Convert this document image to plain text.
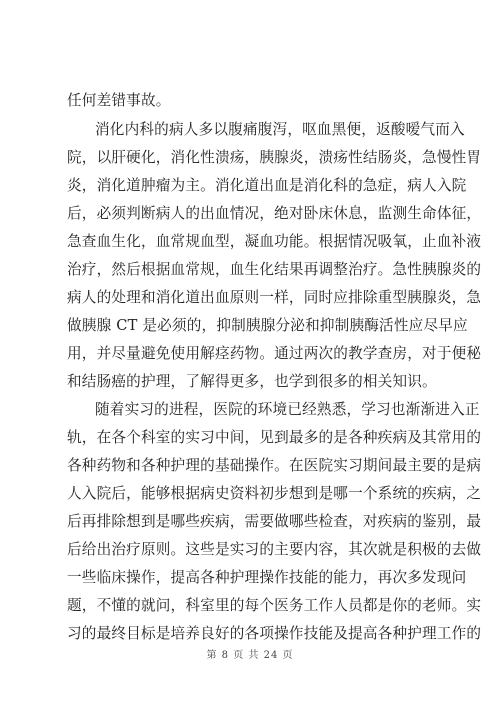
任何差错事故。
消化内科的病人多以腹痛腹泻，呕血黑便，返酸嗳气而入
院，以肝硬化，消化性溃疡，胰腺炎，溃疡性结肠炎，急慢性胃
炎，消化道肿瘤为主。消化道出血是消化科的急症，病人入院
后，必须判断病人的出血情况，绝对卧床休息，监测生命体征，
急查血生化，血常规血型，凝血功能。根据情况吸氧，止血补液
治疗，然后根据血常规，血生化结果再调整治疗。急性胰腺炎的
病人的处理和消化道出血原则一样，同时应排除重型胰腺炎，急
做胰腺 CT 是必须的，抑制胰腺分泌和抑制胰酶活性应尽早应
用，并尽量避免使用解痉药物。通过两次的教学查房，对于便秘
和结肠癌的护理，了解得更多，也学到很多的相关知识。
随着实习的进程，医院的环境已经熟悉，学习也渐渐进入正
轨，在各个科室的实习中间，见到最多的是各种疾病及其常用的
各种药物和各种护理的基础操作。在医院实习期间最主要的是病
人入院后，能够根据病史资料初步想到是哪一个系统的疾病，之
后再排除想到是哪些疾病，需要做哪些检查，对疾病的鉴别，最
后给出治疗原则。这些是实习的主要内容，其次就是积极的去做
一些临床操作，提高各种护理操作技能的能力，再次多发现问
题，不懂的就问，科室里的每个医务工作人员都是你的老师。实
习的最终目标是培养良好的各项操作技能及提高各种护理工作的
第 8 页 共 24 页
